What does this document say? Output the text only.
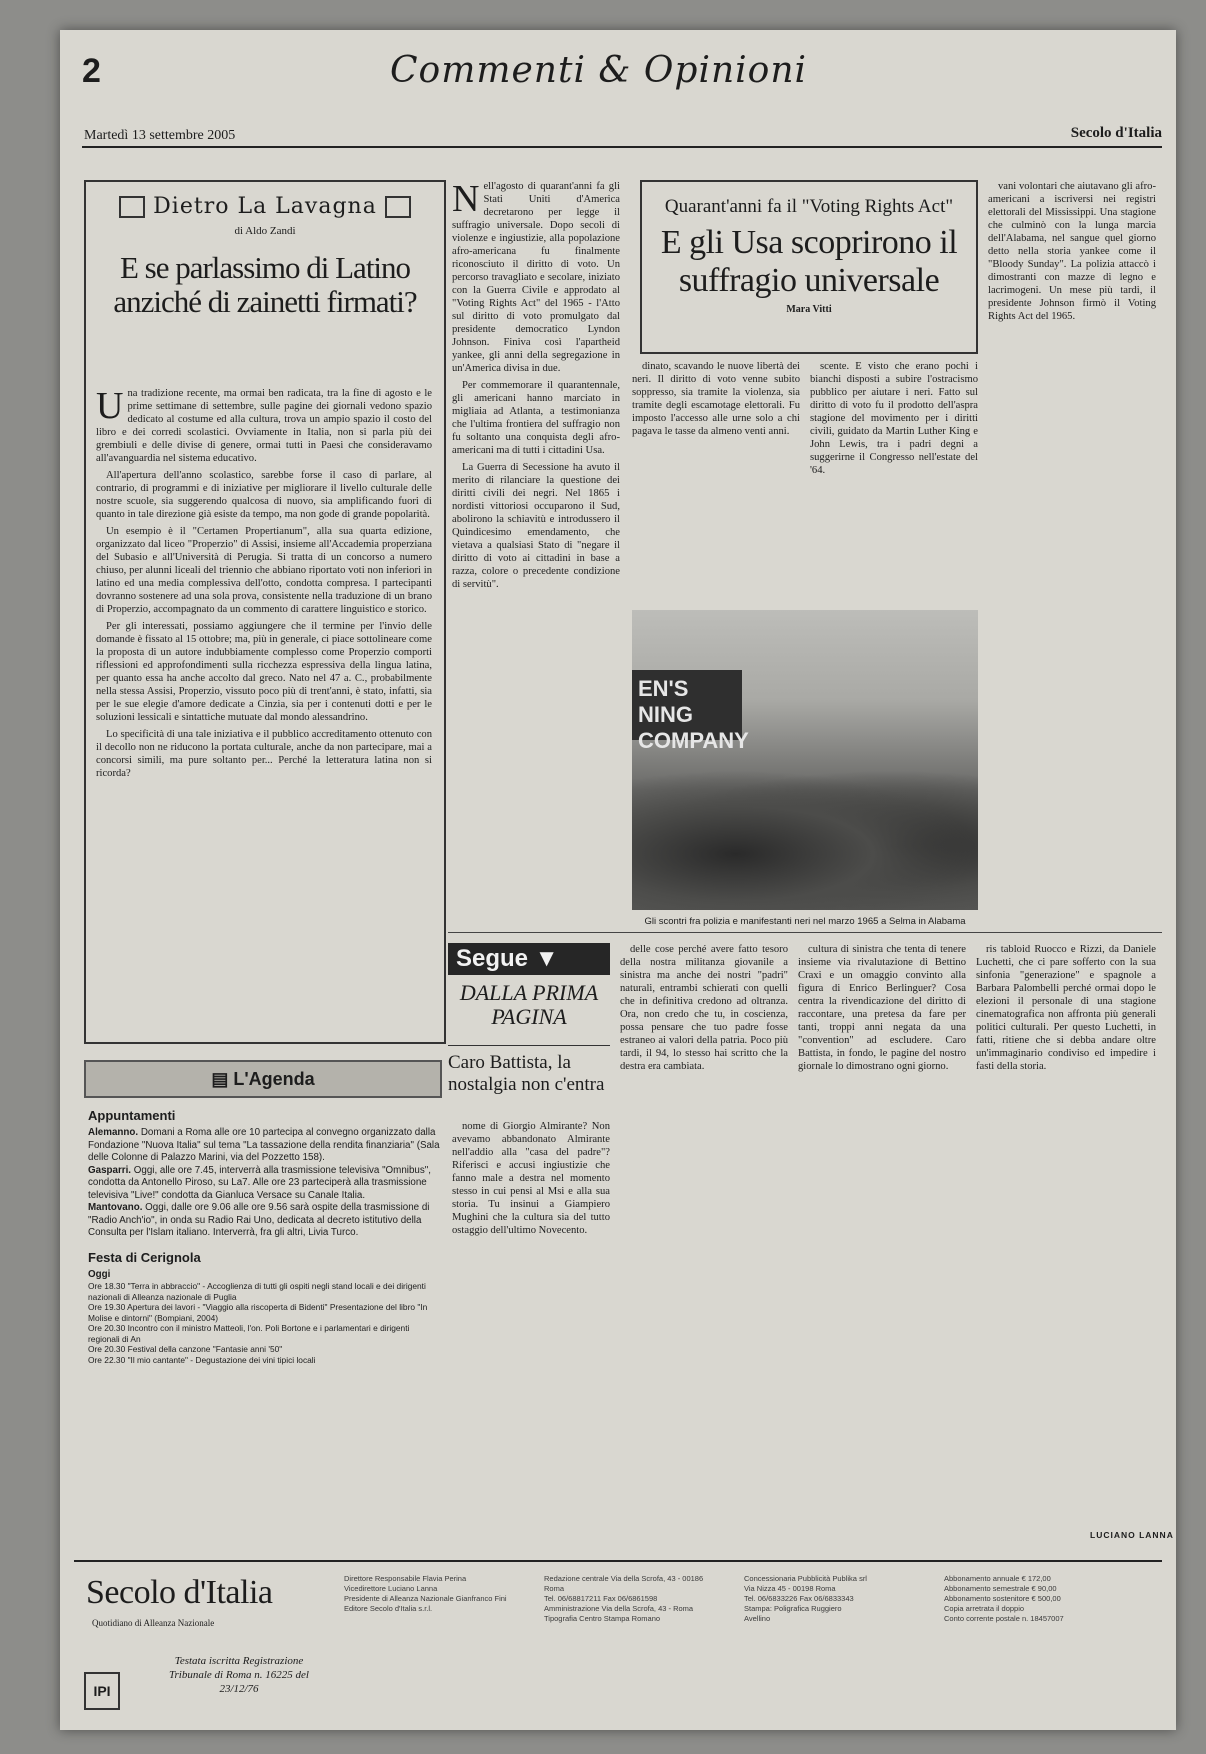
2	Commenti & Opinioni
Martedì 13 settembre 2005	Secolo d'Italia
Dietro La Lavagna
di Aldo Zandi
E se parlassimo di Latino anziché di zainetti firmati?

Una tradizione recente, ma ormai ben radicata, tra la fine di agosto e le prime settimane di settembre, sulle pagine dei giornali vedono spazio dedicato al costume ed alla cultura, trova un ampio spazio il costo del libro e dei corredi scolastici. Ovviamente in Italia, non si parla più dei grembiuli e delle divise di genere, ormai tutti in Paesi che consideravamo all'avanguardia nel sistema educativo.

All'apertura dell'anno scolastico, sarebbe forse il caso di parlare, al contrario, di programmi e di iniziative per migliorare il livello culturale delle nostre scuole, sia suggerendo qualcosa di nuovo, sia amplificando fuori di quanto in tale direzione già esiste da tempo, ma non gode di grande popolarità.

Un esempio è il "Certamen Propertianum", alla sua quarta edizione, organizzato dal liceo "Properzio" di Assisi, insieme all'Accademia properziana del Subasio e all'Università di Perugia. Si tratta di un concorso a numero chiuso, per alunni liceali del triennio che abbiano riportato voti non inferiori in latino ed una media complessiva dell'otto, condotta compresa. I partecipanti dovranno sostenere ad una sola prova, consistente nella traduzione di un brano di Properzio, accompagnato da un commento di carattere linguistico e storico.

Per gli interessati, possiamo aggiungere che il termine per l'invio delle domande è fissato al 15 ottobre; ma, più in generale, ci piace sottolineare come la proposta di un autore indubbiamente complesso come Properzio comporti riflessioni ed approfondimenti sulla ricchezza espressiva della lingua latina, per quanto essa ha anche accolto dal greco. Nato nel 47 a. C., probabilmente nella stessa Assisi, Properzio, vissuto poco più di trent'anni, è stato, infatti, sia per le sue elegie d'amore dedicate a Cinzia, sia per i contenuti dotti e per le soluzioni lessicali e sintattiche mutuate dal mondo alessandrino.

Lo specificità di una tale iniziativa e il pubblico accreditamento ottenuto con il decollo non ne riducono la portata culturale, anche da non partecipare, mai a concorsi simili, ma pure soltanto per... Perché la letteratura latina non si ricorda?

Nell'agosto di quarant'anni fa gli Stati Uniti d'America decretarono per legge il suffragio universale. Dopo secoli di violenze e ingiustizie, alla popolazione afro-americana fu finalmente riconosciuto il diritto di voto. Un percorso travagliato e secolare, iniziato con la Guerra Civile e approdato al "Voting Rights Act" del 1965 - l'Atto sul diritto di voto promulgato dal presidente democratico Lyndon Johnson. Finiva così l'apartheid yankee, gli anni della segregazione in un'America divisa in due.

Per commemorare il quarantennale, gli americani hanno marciato in migliaia ad Atlanta, a testimonianza che l'ultima frontiera del suffragio non fu soltanto una conquista degli afro-americani ma di tutti i cittadini Usa.

La Guerra di Secessione ha avuto il merito di rilanciare la questione dei diritti civili dei negri. Nel 1865 i nordisti vittoriosi occuparono il Sud, abolirono la schiavitù e introdussero il Quindicesimo emendamento, che vietava a qualsiasi Stato di "negare il diritto di voto ai cittadini in base a razza, colore o precedente condizione di servitù".

Quarant'anni fa il "Voting Rights Act"
E gli Usa scoprirono il suffragio universale
Mara Vitti

dinato, scavando le nuove libertà dei neri. Il diritto di voto venne subito soppresso, sia tramite la violenza, sia tramite degli escamotage elettorali. Fu imposto l'accesso alle urne solo a chi pagava le tasse da almeno venti anni.

scente. E visto che erano pochi i bianchi disposti a subire l'ostracismo pubblico per aiutare i neri. Fatto sul diritto di voto fu il prodotto dell'aspra stagione del movimento per i diritti civili, guidato da Martin Luther King e John Lewis, tra i padri degni a suggerirne il Congresso nell'estate del '64.

vani volontari che aiutavano gli afro-americani a iscriversi nei registri elettorali del Mississippi. Una stagione che culminò con la lunga marcia dell'Alabama, nel sangue quel giorno detto nella storia yankee come il "Bloody Sunday". La polizia attaccò i dimostranti con mazze di legno e lacrimogeni. Un mese più tardi, il presidente Johnson firmò il Voting Rights Act del 1965.

EN'S NING COMPANY
Gli scontri fra polizia e manifestanti neri nel marzo 1965 a Selma in Alabama
Segue ▼
DALLA PRIMA PAGINA
Caro Battista, la nostalgia non c'entra

nome di Giorgio Almirante? Non avevamo abbandonato Almirante nell'addio alla "casa del padre"? Riferisci e accusi ingiustizie che fanno male a destra nel momento stesso in cui pensi al Msi e alla sua storia. Tu insinui a Giampiero Mughini che la cultura sia del tutto ostaggio dell'ultimo Novecento.

delle cose perché avere fatto tesoro della nostra militanza giovanile a sinistra ma anche dei nostri "padri" naturali, entrambi schierati con quelli che in definitiva credono ad oltranza. Ora, non credo che tu, in coscienza, possa pensare che tuo padre fosse estraneo ai valori della patria. Poco più tardi, il 94, lo stesso hai scritto che la destra era cambiata.

cultura di sinistra che tenta di tenere insieme via rivalutazione di Bettino Craxi e un omaggio convinto alla figura di Enrico Berlinguer? Cosa centra la rivendicazione del diritto di raccontare, una pretesa da fare per tanti, troppi anni negata da una "convention" ad escludere. Caro Battista, in fondo, le pagine del nostro giornale lo dimostrano ogni giorno.

ris tabloid Ruocco e Rizzi, da Daniele Luchetti, che ci pare sofferto con la sua sinfonia "generazione" e spagnole a Barbara Palombelli perché ormai dopo le elezioni il personale di una stagione cinematografica non affronta più generali politici culturali. Per questo Luchetti, in fatti, ritiene che si debba andare oltre un'immaginario condiviso ed impedire i fasti della storia.

LUCIANO LANNA
▤ L'Agenda
Appuntamenti
Alemanno. Domani a Roma alle ore 10 partecipa al convegno organizzato dalla Fondazione "Nuova Italia" sul tema "La tassazione della rendita finanziaria" (Sala delle Colonne di Palazzo Marini, via del Pozzetto 158).
Gasparri. Oggi, alle ore 7.45, interverrà alla trasmissione televisiva "Omnibus", condotta da Antonello Piroso, su La7. Alle ore 23 parteciperà alla trasmissione televisiva "Live!" condotta da Gianluca Versace su Canale Italia.
Mantovano. Oggi, dalle ore 9.06 alle ore 9.56 sarà ospite della trasmissione di "Radio Anch'io", in onda su Radio Rai Uno, dedicata al decreto istitutivo della Consulta per l'Islam italiano. Interverrà, fra gli altri, Livia Turco.
Festa di Cerignola
Oggi
Ore 18.30 "Terra in abbraccio" - Accoglienza di tutti gli ospiti negli stand locali e dei dirigenti nazionali di Alleanza nazionale di Puglia
Ore 19.30 Apertura dei lavori - "Viaggio alla riscoperta di Bidenti" Presentazione del libro "In Molise e dintorni" (Bompiani, 2004)
Ore 20.30 Incontro con il ministro Matteoli, l'on. Poli Bortone e i parlamentari e dirigenti regionali di An
Ore 20.30 Festival della canzone "Fantasie anni '50"
Ore 22.30 "Il mio cantante" - Degustazione dei vini tipici locali
Secolo d'Italia
Quotidiano di Alleanza Nazionale
IPI
Testata iscritta Registrazione Tribunale di Roma n. 16225 del 23/12/76
Direttore Responsabile Flavia Perina
Vicedirettore Luciano Lanna
Presidente di Alleanza Nazionale Gianfranco Fini
Editore Secolo d'Italia s.r.l.
Redazione centrale Via della Scrofa, 43 - 00186 Roma
Tel. 06/68817211 Fax 06/6861598
Amministrazione Via della Scrofa, 43 - Roma
Tipografia Centro Stampa Romano
Concessionaria Pubblicità Publika srl
Via Nizza 45 - 00198 Roma
Tel. 06/6833226 Fax 06/6833343
Stampa: Poligrafica Ruggiero
Avellino
Abbonamento annuale € 172,00
Abbonamento semestrale € 90,00
Abbonamento sostenitore € 500,00
Copia arretrata il doppio
Conto corrente postale n. 18457007
